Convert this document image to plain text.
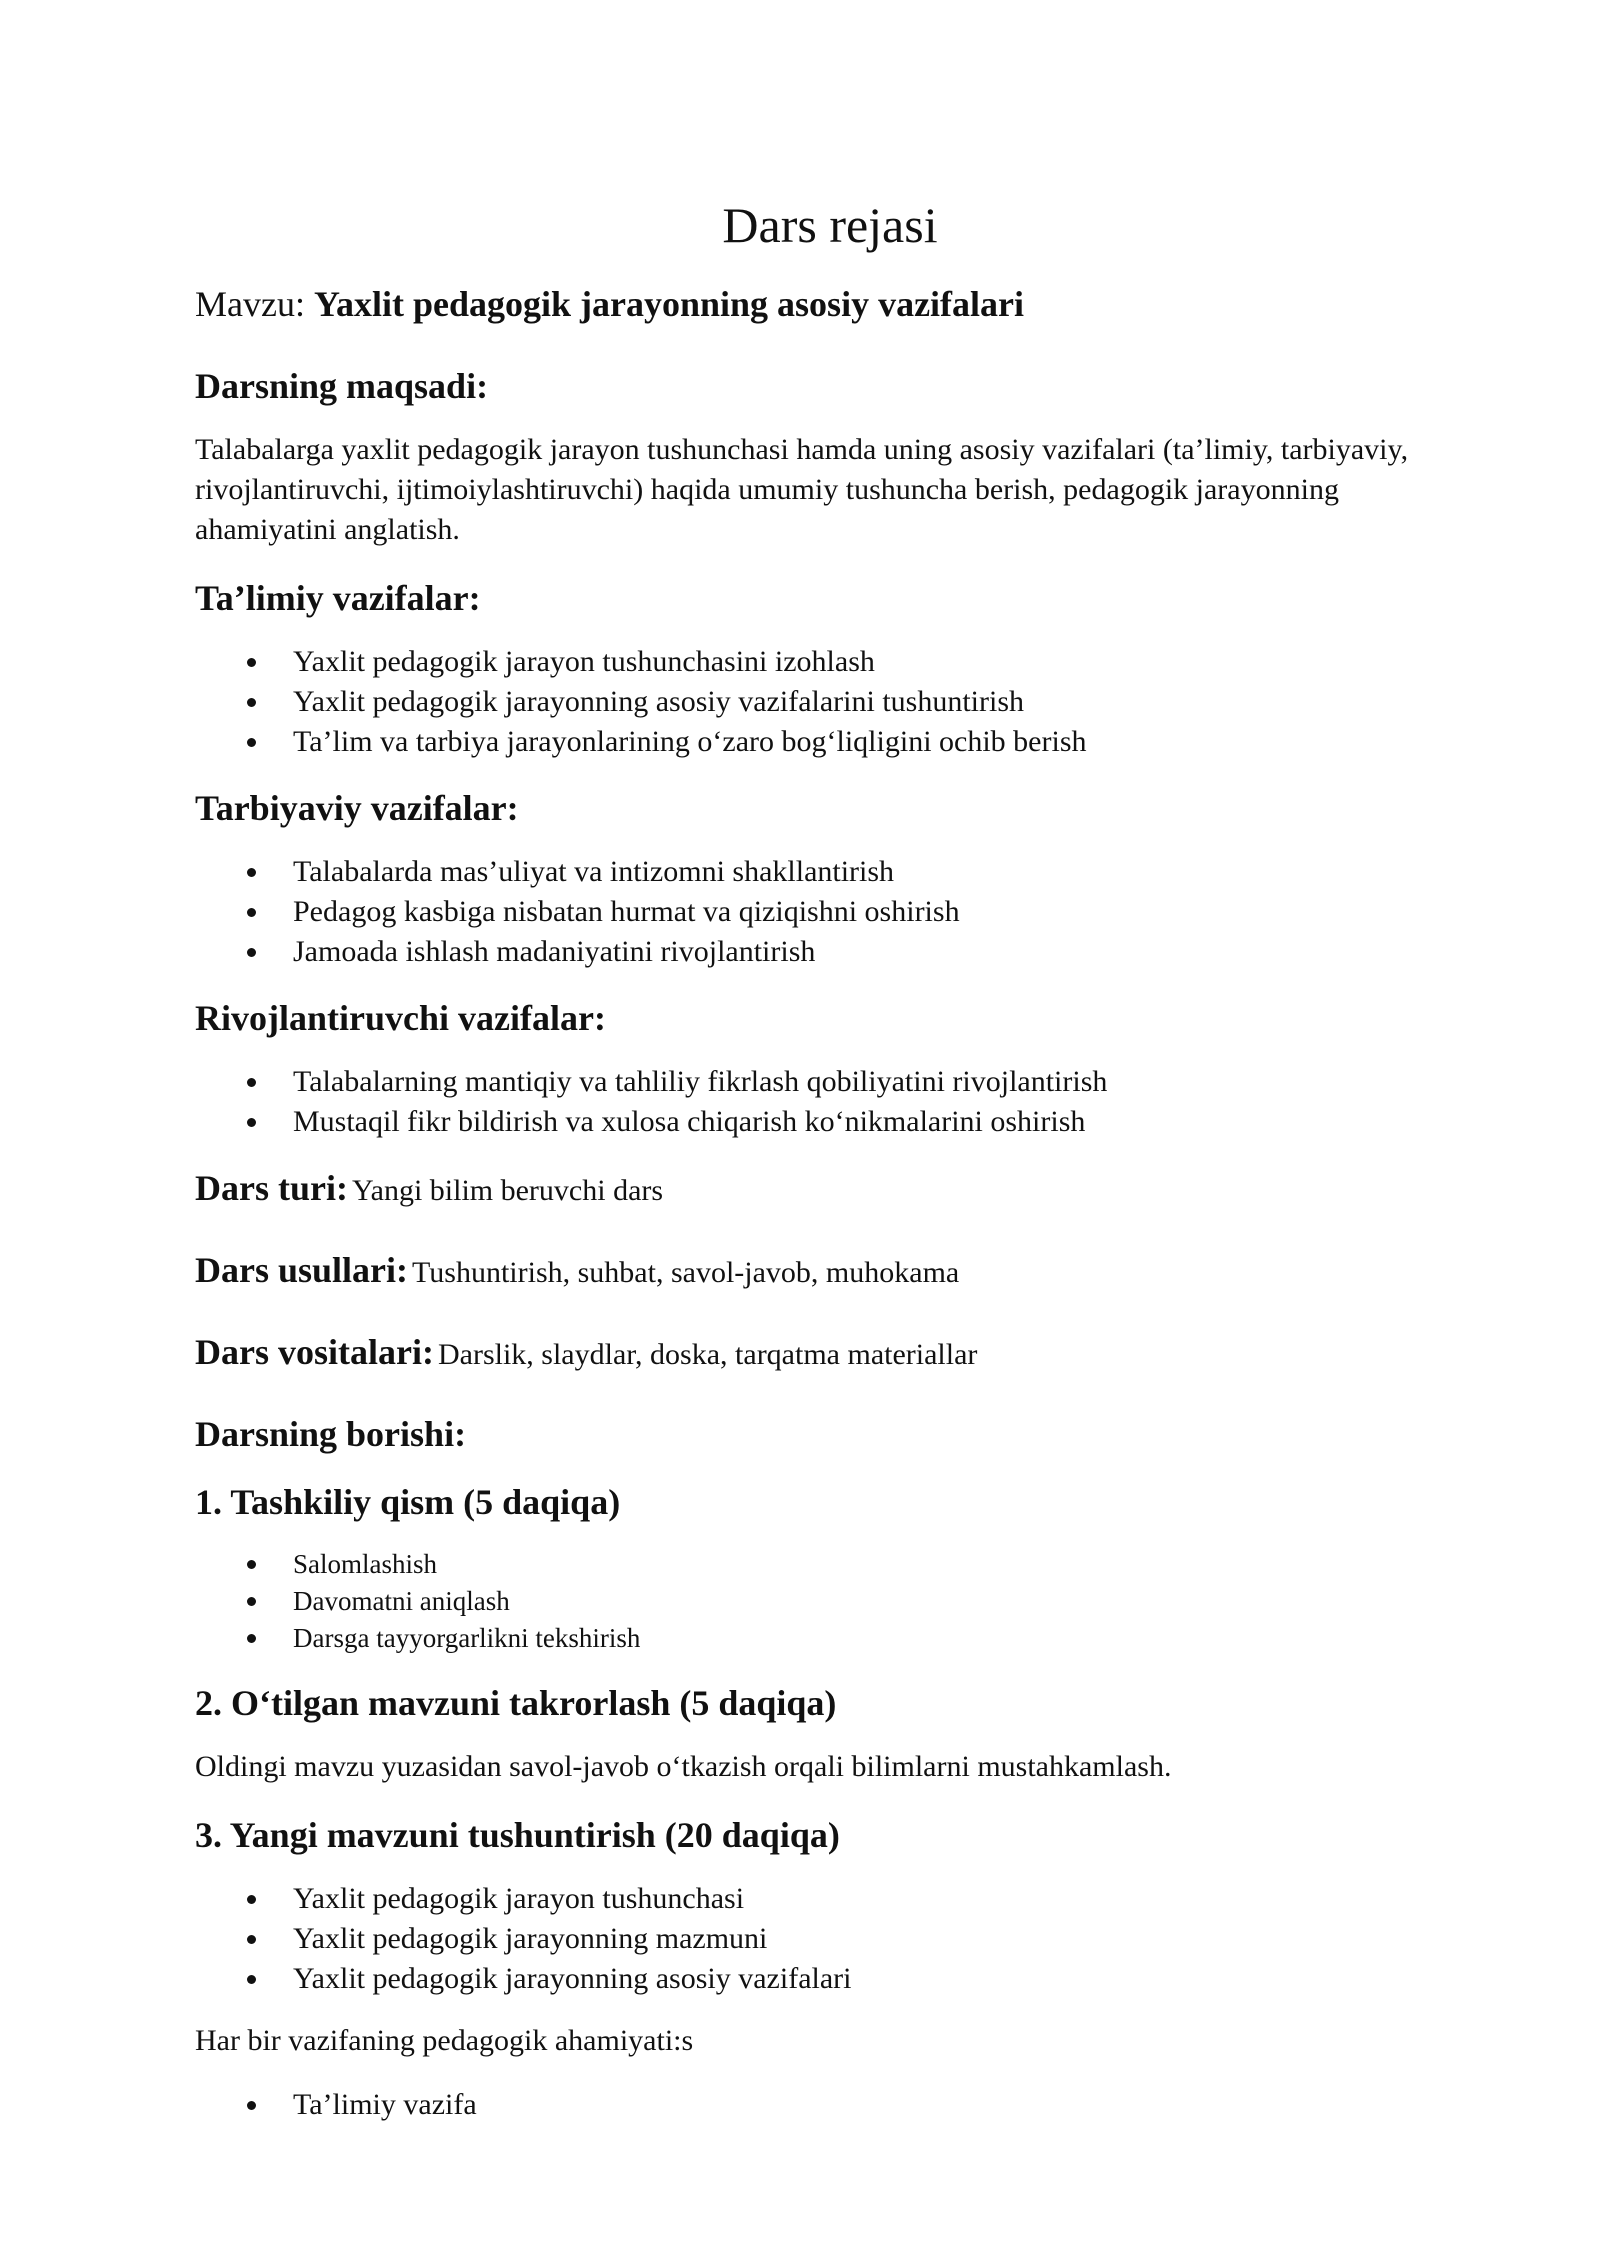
Dars rejasi
Mavzu: Yaxlit pedagogik jarayonning asosiy vazifalari
Darsning maqsadi:

Talabalarga yaxlit pedagogik jarayon tushunchasi hamda uning asosiy vazifalari (ta’limiy, tarbiyaviy, rivojlantiruvchi, ijtimoiylashtiruvchi) haqida umumiy tushuncha berish, pedagogik jarayonning ahamiyatini anglatish.

Ta’limiy vazifalar:
Yaxlit pedagogik jarayon tushunchasini izohlash
Yaxlit pedagogik jarayonning asosiy vazifalarini tushuntirish
Ta’lim va tarbiya jarayonlarining o‘zaro bog‘liqligini ochib berish
Tarbiyaviy vazifalar:
Talabalarda mas’uliyat va intizomni shakllantirish
Pedagog kasbiga nisbatan hurmat va qiziqishni oshirish
Jamoada ishlash madaniyatini rivojlantirish
Rivojlantiruvchi vazifalar:
Talabalarning mantiqiy va tahliliy fikrlash qobiliyatini rivojlantirish
Mustaqil fikr bildirish va xulosa chiqarish ko‘nikmalarini oshirish
Dars turi: Yangi bilim beruvchi dars
Dars usullari: Tushuntirish, suhbat, savol-javob, muhokama
Dars vositalari: Darslik, slaydlar, doska, tarqatma materiallar
Darsning borishi:
1. Tashkiliy qism (5 daqiqa)
Salomlashish
Davomatni aniqlash
Darsga tayyorgarlikni tekshirish
2. O‘tilgan mavzuni takrorlash (5 daqiqa)

Oldingi mavzu yuzasidan savol-javob o‘tkazish orqali bilimlarni mustahkamlash.

3. Yangi mavzuni tushuntirish (20 daqiqa)
Yaxlit pedagogik jarayon tushunchasi
Yaxlit pedagogik jarayonning mazmuni
Yaxlit pedagogik jarayonning asosiy vazifalari

Har bir vazifaning pedagogik ahamiyati:s

Ta’limiy vazifa
